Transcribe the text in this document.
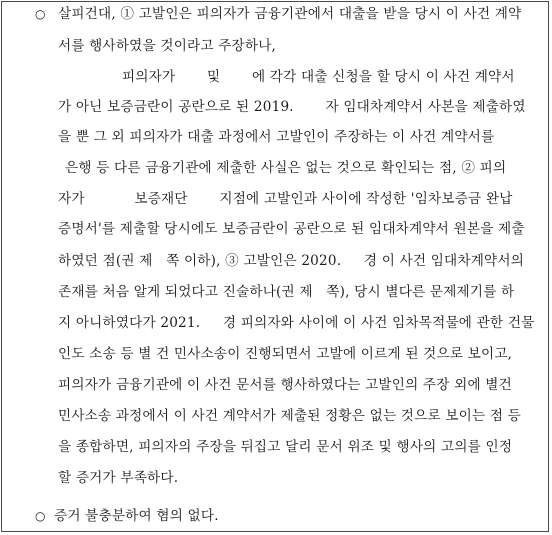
○ 살피건대, ① 고발인은 피의자가 금융기관에서 대출을 받을 당시 이 사건 계약
서를 행사하였을 것이라고 주장하나,
피의자가       및       에 각각 대출 신청을 할 당시 이 사건 계약서
가 아닌 보증금란이 공란으로 된 2019.       자 임대차계약서 사본을 제출하였
을 뿐 그 외 피의자가 대출 과정에서 고발인이 주장하는 이 사건 계약서를
은행 등 다른 금융기관에 제출한 사실은 없는 것으로 확인되는 점, ② 피의
자가           보증재단       지점에 고발인과 사이에 작성한 '임차보증금 완납
증명서'를 제출할 당시에도 보증금란이 공란으로 된 임대차계약서 원본을 제출
하였던 점(권 제   쪽 이하), ③ 고발인은 2020.     경 이 사건 임대차계약서의
존재를 처음 알게 되었다고 진술하나(권 제   쪽), 당시 별다른 문제제기를 하
지 아니하였다가 2021.     경 피의자와 사이에 이 사건 임차목적물에 관한 건물
인도 소송 등 별 건 민사소송이 진행되면서 고발에 이르게 된 것으로 보이고,
피의자가 금융기관에 이 사건 문서를 행사하였다는 고발인의 주장 외에 별건
민사소송 과정에서 이 사건 계약서가 제출된 정황은 없는 것으로 보이는 점 등
을 종합하면, 피의자의 주장을 뒤집고 달리 문서 위조 및 행사의 고의를 인정
할 증거가 부족하다.
○ 증거 불충분하여 혐의 없다.
